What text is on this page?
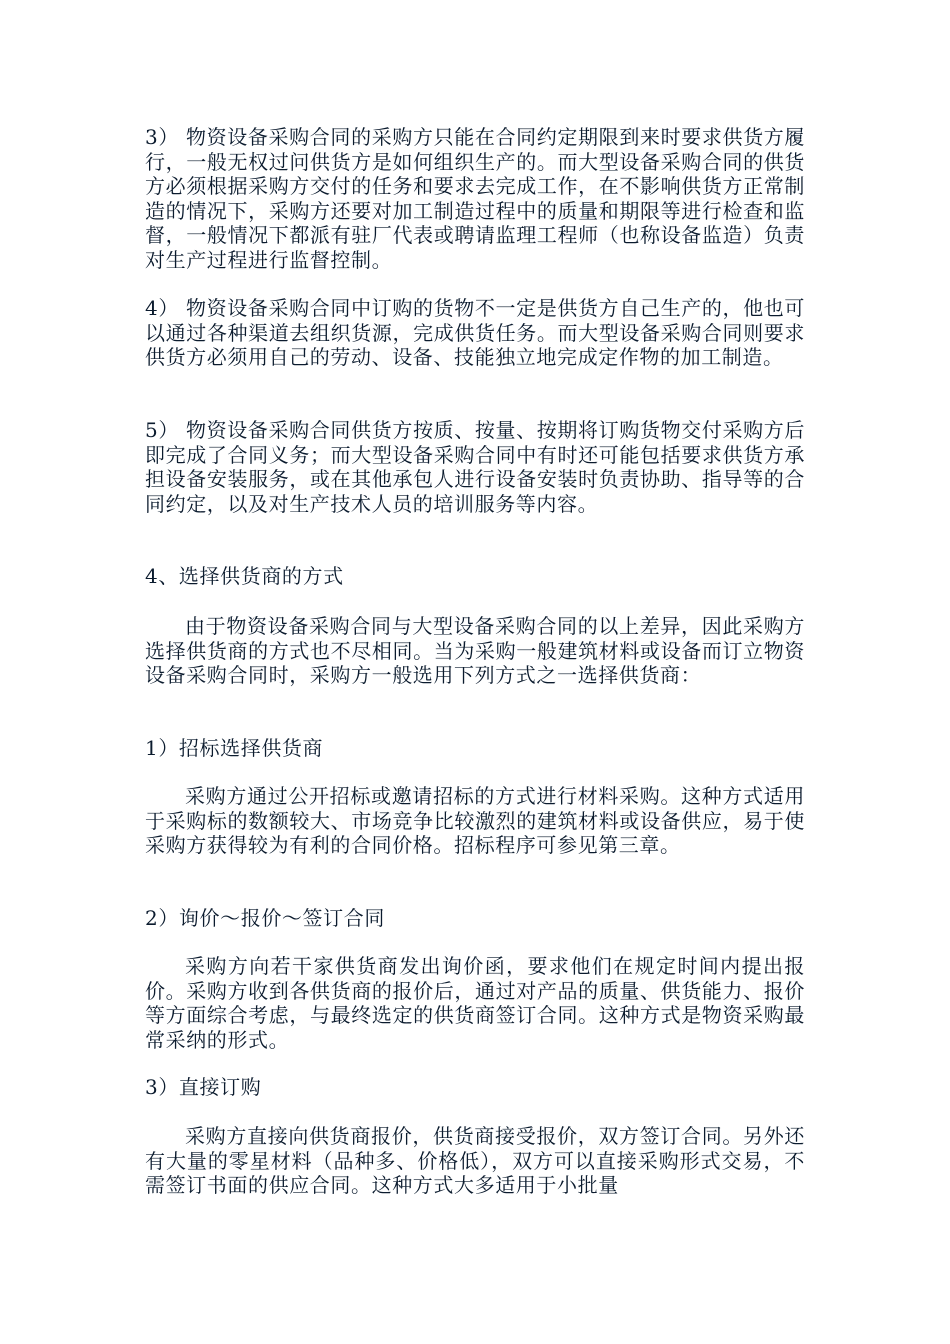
3） 物资设备采购合同的采购方只能在合同约定期限到来时要求供货方履行，一般无权过问供货方是如何组织生产的。而大型设备采购合同的供货方必须根据采购方交付的任务和要求去完成工作，在不影响供货方正常制造的情况下，采购方还要对加工制造过程中的质量和期限等进行检查和监督，一般情况下都派有驻厂代表或聘请监理工程师（也称设备监造）负责对生产过程进行监督控制。

4） 物资设备采购合同中订购的货物不一定是供货方自己生产的，他也可以通过各种渠道去组织货源，完成供货任务。而大型设备采购合同则要求供货方必须用自己的劳动、设备、技能独立地完成定作物的加工制造。

5） 物资设备采购合同供货方按质、按量、按期将订购货物交付采购方后即完成了合同义务；而大型设备采购合同中有时还可能包括要求供货方承担设备安装服务，或在其他承包人进行设备安装时负责协助、指导等的合同约定，以及对生产技术人员的培训服务等内容。

4、选择供货商的方式

由于物资设备采购合同与大型设备采购合同的以上差异，因此采购方选择供货商的方式也不尽相同。当为采购一般建筑材料或设备而订立物资设备采购合同时，采购方一般选用下列方式之一选择供货商：

1）招标选择供货商

采购方通过公开招标或邀请招标的方式进行材料采购。这种方式适用于采购标的数额较大、市场竞争比较激烈的建筑材料或设备供应，易于使采购方获得较为有利的合同价格。招标程序可参见第三章。

2）询价～报价～签订合同

采购方向若干家供货商发出询价函，要求他们在规定时间内提出报价。采购方收到各供货商的报价后，通过对产品的质量、供货能力、报价等方面综合考虑，与最终选定的供货商签订合同。这种方式是物资采购最常采纳的形式。

3）直接订购

采购方直接向供货商报价，供货商接受报价，双方签订合同。另外还有大量的零星材料（品种多、价格低），双方可以直接采购形式交易，不需签订书面的供应合同。这种方式大多适用于小批量
